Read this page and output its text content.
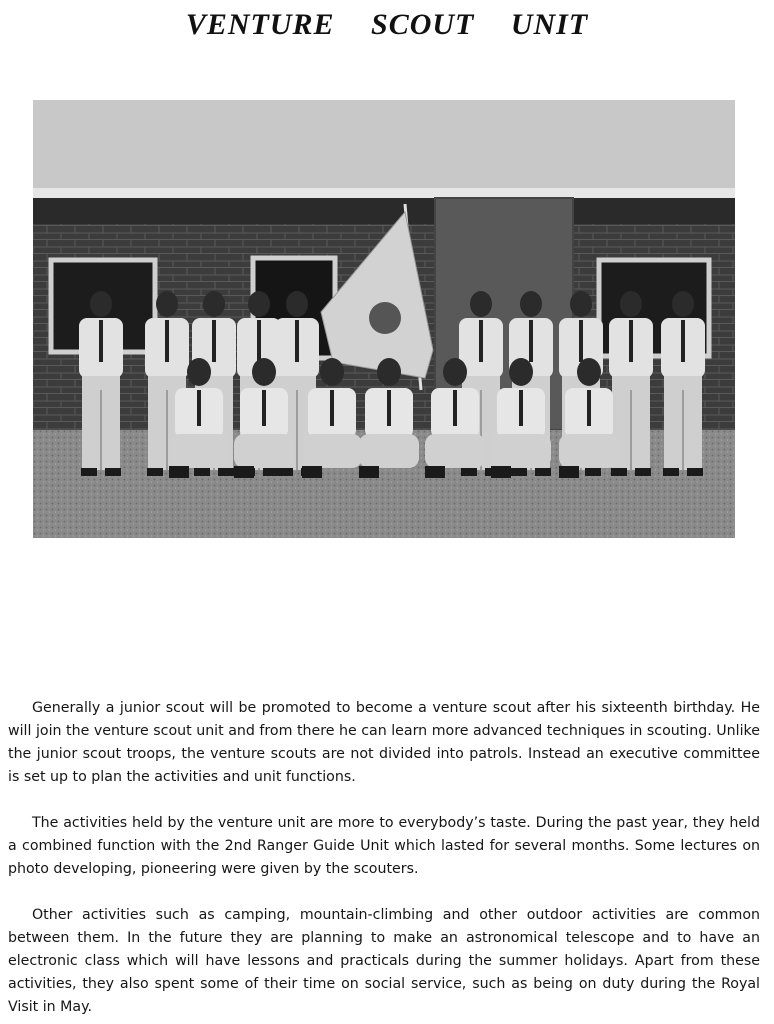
VENTURE SCOUT UNIT

Generally a junior scout will be promoted to become a venture scout after his sixteenth birthday. He will join the venture scout unit and from there he can learn more advanced techniques in scouting. Unlike the junior scout troops, the venture scouts are not divided into patrols. Instead an executive committee is set up to plan the activities and unit functions.

The activities held by the venture unit are more to everybody’s taste. During the past year, they held a combined function with the 2nd Ranger Guide Unit which lasted for several months. Some lectures on photo developing, pioneering were given by the scouters.

Other activities such as camping, mountain-climbing and other outdoor activities are common between them. In the future they are planning to make an astronomical telescope and to have an electronic class which will have lessons and practicals during the summer holidays. Apart from these activities, they also spent some of their time on social service, such as being on duty during the Royal Visit in May.
